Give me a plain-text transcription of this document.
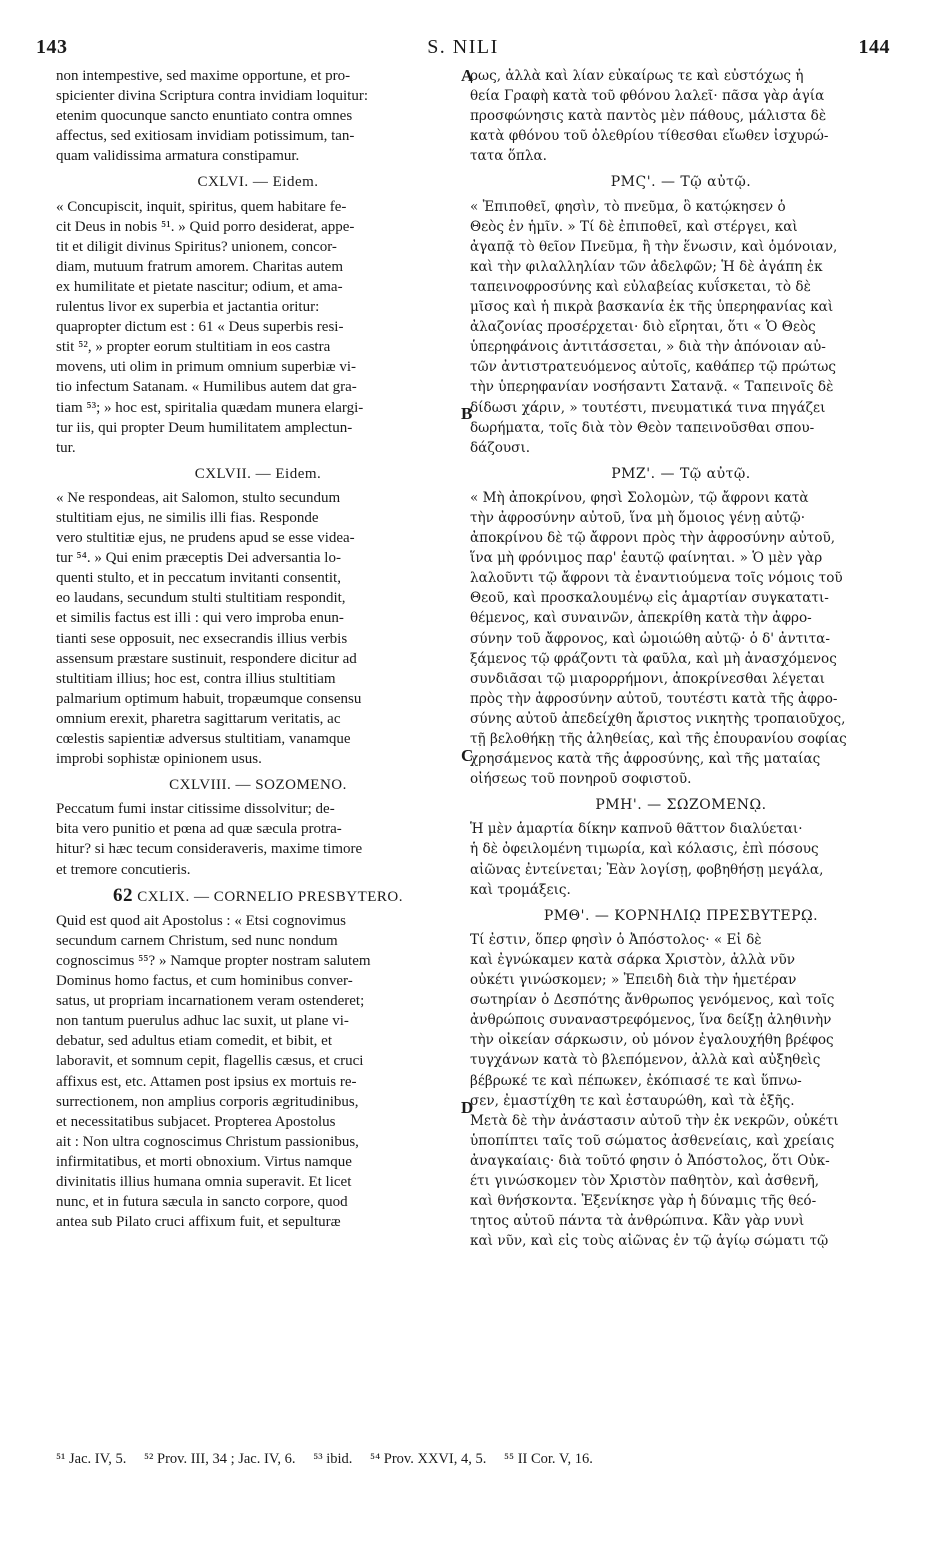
143	S. NILI	144
A
B
C
D
non intempestive, sed maxime opportune, et pro-
spicienter divina Scriptura contra invidiam loquitur:
etenim quocunque sancto enuntiato contra omnes
affectus, sed exitiosam invidiam potissimum, tan-
quam validissima armatura constipamur.
CXLVI. — Eidem.
« Concupiscit, inquit, spiritus, quem habitare fe-
cit Deus in nobis ⁵¹. » Quid porro desiderat, appe-
tit et diligit divinus Spiritus? unionem, concor-
diam, mutuum fratrum amorem. Charitas autem
ex humilitate et pietate nascitur; odium, et ama-
rulentus livor ex superbia et jactantia oritur:
quapropter dictum est : 61 « Deus superbis resi-
stit ⁵², » propter eorum stultitiam in eos castra
movens, uti olim in primum omnium superbiæ vi-
tio infectum Satanam. « Humilibus autem dat gra-
tiam ⁵³; » hoc est, spiritalia quædam munera elargi-
tur iis, qui propter Deum humilitatem amplectun-
tur.
CXLVII. — Eidem.
« Ne respondeas, ait Salomon, stulto secundum
stultitiam ejus, ne similis illi fias. Responde
vero stultitiæ ejus, ne prudens apud se esse videa-
tur ⁵⁴. » Qui enim præceptis Dei adversantia lo-
quenti stulto, et in peccatum invitanti consentit,
eo laudans, secundum stulti stultitiam respondit,
et similis factus est illi : qui vero improba enun-
tianti sese opposuit, nec exsecrandis illius verbis
assensum præstare sustinuit, respondere dicitur ad
stultitiam illius; hoc est, contra illius stultitiam
palmarium optimum habuit, tropæumque consensu
omnium erexit, pharetra sagittarum veritatis, ac
cœlestis sapientiæ adversus stultitiam, vanamque
improbi sophistæ opinionem usus.
CXLVIII. — SOZOMENO.
Peccatum fumi instar citissime dissolvitur; de-
bita vero punitio et pœna ad quæ sæcula protra-
hitur? si hæc tecum consideraveris, maxime timore
et tremore concutieris.
62 CXLIX. — CORNELIO PRESBYTERO.
Quid est quod ait Apostolus : « Etsi cognovimus
secundum carnem Christum, sed nunc nondum
cognoscimus ⁵⁵? » Namque propter nostram salutem
Dominus homo factus, et cum hominibus conver-
satus, ut propriam incarnationem veram ostenderet;
non tantum puerulus adhuc lac suxit, ut plane vi-
debatur, sed adultus etiam comedit, et bibit, et
laboravit, et somnum cepit, flagellis cæsus, et cruci
affixus est, etc. Attamen post ipsius ex mortuis re-
surrectionem, non amplius corporis ægritudinibus,
et necessitatibus subjacet. Propterea Apostolus
ait : Non ultra cognoscimus Christum passionibus,
infirmitatibus, et morti obnoxium. Virtus namque
divinitatis illius humana omnia superavit. Et licet
nunc, et in futura sæcula in sancto corpore, quod
antea sub Pilato cruci affixum fuit, et sepulturæ
ρως, ἀλλὰ καὶ λίαν εὐκαίρως τε καὶ εὐστόχως ἡ
θεία Γραφὴ κατὰ τοῦ φθόνου λαλεῖ· πᾶσα γὰρ ἁγία
προσφώνησις κατὰ παντὸς μὲν πάθους, μάλιστα δὲ
κατὰ φθόνου τοῦ ὀλεθρίου τίθεσθαι εἴωθεν ἰσχυρώ-
τατα ὅπλα.
ΡΜϚ'. — Τῷ αὐτῷ.
« Ἐπιποθεῖ, φησὶν, τὸ πνεῦμα, ὃ κατῴκησεν ὁ
Θεὸς ἐν ἡμῖν. » Τί δὲ ἐπιποθεῖ, καὶ στέργει, καὶ
ἀγαπᾷ τὸ θεῖον Πνεῦμα, ἢ τὴν ἕνωσιν, καὶ ὁμόνοιαν,
καὶ τὴν φιλαλληλίαν τῶν ἀδελφῶν; Ἡ δὲ ἀγάπη ἐκ
ταπεινοφροσύνης καὶ εὐλαβείας κυΐσκεται, τὸ δὲ
μῖσος καὶ ἡ πικρὰ βασκανία ἐκ τῆς ὑπερηφανίας καὶ
ἀλαζονίας προσέρχεται· διὸ εἴρηται, ὅτι « Ὁ Θεὸς
ὑπερηφάνοις ἀντιτάσσεται, » διὰ τὴν ἀπόνοιαν αὐ-
τῶν ἀντιστρατευόμενος αὐτοῖς, καθάπερ τῷ πρώτως
τὴν ὑπερηφανίαν νοσήσαντι Σατανᾷ. « Ταπεινοῖς δὲ
δίδωσι χάριν, » τουτέστι, πνευματικά τινα πηγάζει
δωρήματα, τοῖς διὰ τὸν Θεὸν ταπεινοῦσθαι σπου-
δάζουσι.
ΡΜΖ'. — Τῷ αὐτῷ.
« Μὴ ἀποκρίνου, φησὶ Σολομὼν, τῷ ἄφρονι κατὰ
τὴν ἀφροσύνην αὐτοῦ, ἵνα μὴ ὅμοιος γένῃ αὐτῷ·
ἀποκρίνου δὲ τῷ ἄφρονι πρὸς τὴν ἀφροσύνην αὐτοῦ,
ἵνα μὴ φρόνιμος παρ' ἑαυτῷ φαίνηται. » Ὁ μὲν γὰρ
λαλοῦντι τῷ ἄφρονι τὰ ἐναντιούμενα τοῖς νόμοις τοῦ
Θεοῦ, καὶ προσκαλουμένῳ εἰς ἁμαρτίαν συγκατατι-
θέμενος, καὶ συναινῶν, ἀπεκρίθη κατὰ τὴν ἀφρο-
σύνην τοῦ ἄφρονος, καὶ ὡμοιώθη αὐτῷ· ὁ δ' ἀντιτα-
ξάμενος τῷ φράζοντι τὰ φαῦλα, καὶ μὴ ἀνασχόμενος
συνδιᾶσαι τῷ μιαρορρήμονι, ἀποκρίνεσθαι λέγεται
πρὸς τὴν ἀφροσύνην αὐτοῦ, τουτέστι κατὰ τῆς ἀφρο-
σύνης αὐτοῦ ἀπεδείχθη ἄριστος νικητὴς τροπαιοῦχος,
τῇ βελοθήκῃ τῆς ἀληθείας, καὶ τῆς ἐπουρανίου σοφίας
χρησάμενος κατὰ τῆς ἀφροσύνης, καὶ τῆς ματαίας
οἰήσεως τοῦ πονηροῦ σοφιστοῦ.
ΡΜΗ'. — ΣΩΖΟΜΕΝῼ.
Ἡ μὲν ἁμαρτία δίκην καπνοῦ θᾶττον διαλύεται·
ἡ δὲ ὀφειλομένη τιμωρία, καὶ κόλασις, ἐπὶ πόσους
αἰῶνας ἐντείνεται; Ἐὰν λογίσῃ, φοβηθήσῃ μεγάλα,
καὶ τρομάξεις.
ΡΜΘ'. — ΚΟΡΝΗΛΙῼ ΠΡΕΣΒΥΤΕΡῼ.
Τί ἐστιν, ὅπερ φησὶν ὁ Ἀπόστολος· « Εἰ δὲ
καὶ ἐγνώκαμεν κατὰ σάρκα Χριστὸν, ἀλλὰ νῦν
οὐκέτι γινώσκομεν; » Ἐπειδὴ διὰ τὴν ἡμετέραν
σωτηρίαν ὁ Δεσπότης ἄνθρωπος γενόμενος, καὶ τοῖς
ἀνθρώποις συναναστρεφόμενος, ἵνα δείξῃ ἀληθινὴν
τὴν οἰκείαν σάρκωσιν, οὐ μόνον ἐγαλουχήθη βρέφος
τυγχάνων κατὰ τὸ βλεπόμενον, ἀλλὰ καὶ αὐξηθεὶς
βέβρωκέ τε καὶ πέπωκεν, ἐκόπιασέ τε καὶ ὕπνω-
σεν, ἐμαστίχθη τε καὶ ἐσταυρώθη, καὶ τὰ ἑξῆς.
Μετὰ δὲ τὴν ἀνάστασιν αὐτοῦ τὴν ἐκ νεκρῶν, οὐκέτι
ὑποπίπτει ταῖς τοῦ σώματος ἀσθενείαις, καὶ χρείαις
ἀναγκαίαις· διὰ τοῦτό φησιν ὁ Ἀπόστολος, ὅτι Οὐκ-
έτι γινώσκομεν τὸν Χριστὸν παθητὸν, καὶ ἀσθενῆ,
καὶ θνήσκοντα. Ἐξενίκησε γὰρ ἡ δύναμις τῆς θεό-
τητος αὐτοῦ πάντα τὰ ἀνθρώπινα. Κἂν γὰρ νυνὶ
καὶ νῦν, καὶ εἰς τοὺς αἰῶνας ἐν τῷ ἁγίῳ σώματι τῷ
⁵¹ Jac. IV, 5. ⁵² Prov. III, 34 ; Jac. IV, 6. ⁵³ ibid. ⁵⁴ Prov. XXVI, 4, 5. ⁵⁵ II Cor. V, 16.
